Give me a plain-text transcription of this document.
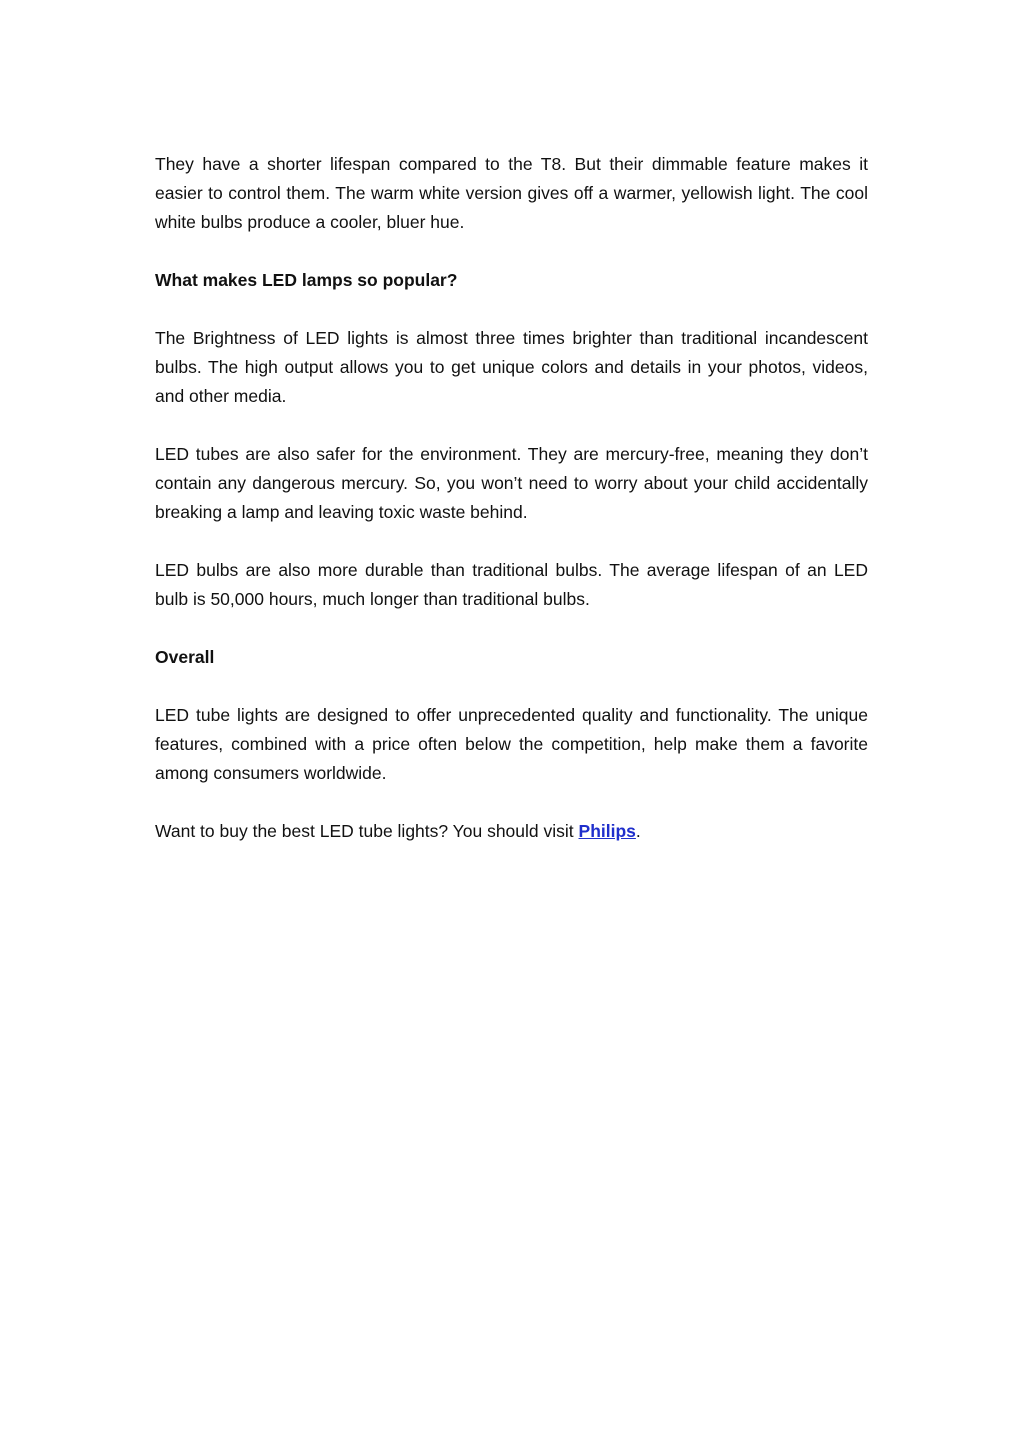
They have a shorter lifespan compared to the T8. But their dimmable feature makes it easier to control them. The warm white version gives off a warmer, yellowish light. The cool white bulbs produce a cooler, bluer hue.

What makes LED lamps so popular?

The Brightness of LED lights is almost three times brighter than traditional incandescent bulbs. The high output allows you to get unique colors and details in your photos, videos, and other media.

LED tubes are also safer for the environment. They are mercury-free, meaning they don’t contain any dangerous mercury. So, you won’t need to worry about your child accidentally breaking a lamp and leaving toxic waste behind.

LED bulbs are also more durable than traditional bulbs. The average lifespan of an LED bulb is 50,000 hours, much longer than traditional bulbs.

Overall

LED tube lights are designed to offer unprecedented quality and functionality. The unique features, combined with a price often below the competition, help make them a favorite among consumers worldwide.

Want to buy the best LED tube lights? You should visit Philips.
